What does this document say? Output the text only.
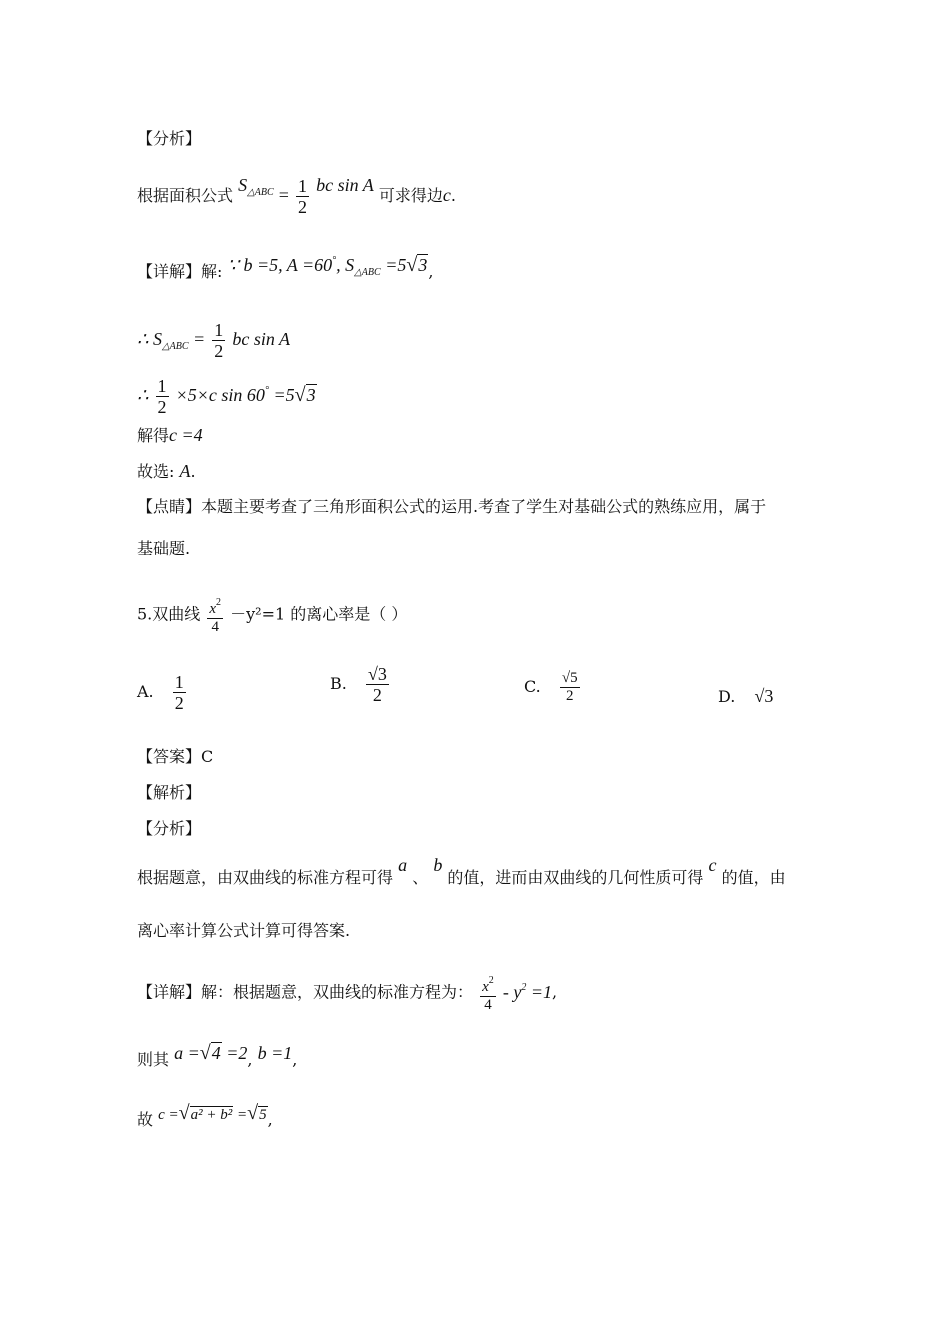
【分析】
根据面积公式 $S_{\triangle ABC} = \frac{1}{2}$ bc sin A 可求得边c.
【详解】解: ∵ b =5, A =60°, $S_{\triangle ABC} =5√3$,
∴ $S_{\triangle ABC} = \frac{1}{2}$ bc sin A
∴ $\frac{1}{2} \times 5\times c$ sin 60° =5√3
解得c =4
故选: A.
【点睛】本题主要考查了三角形面积公式的运用.考查了学生对基础公式的熟练应用，属于
基础题.
5.双曲线 $\frac{x^2}{4} -y^2=1$ 的离心率是（ ）
A. $\frac{1}{2}$	B. $\frac{√3}{2}$	C. $\frac{√5}{2}$	D. √3
【答案】C
【解析】
【分析】
根据题意，由双曲线的标准方程可得 a 、 b 的值，进而由双曲线的几何性质可得 c 的值，由
离心率计算公式计算可得答案.
【详解】解：根据题意，双曲线的标准方程为： $\frac{x^2}{4} - y^2 =1$,
则其 a =√4 =2, b =1,
故 c =√a² + b² =√5,
